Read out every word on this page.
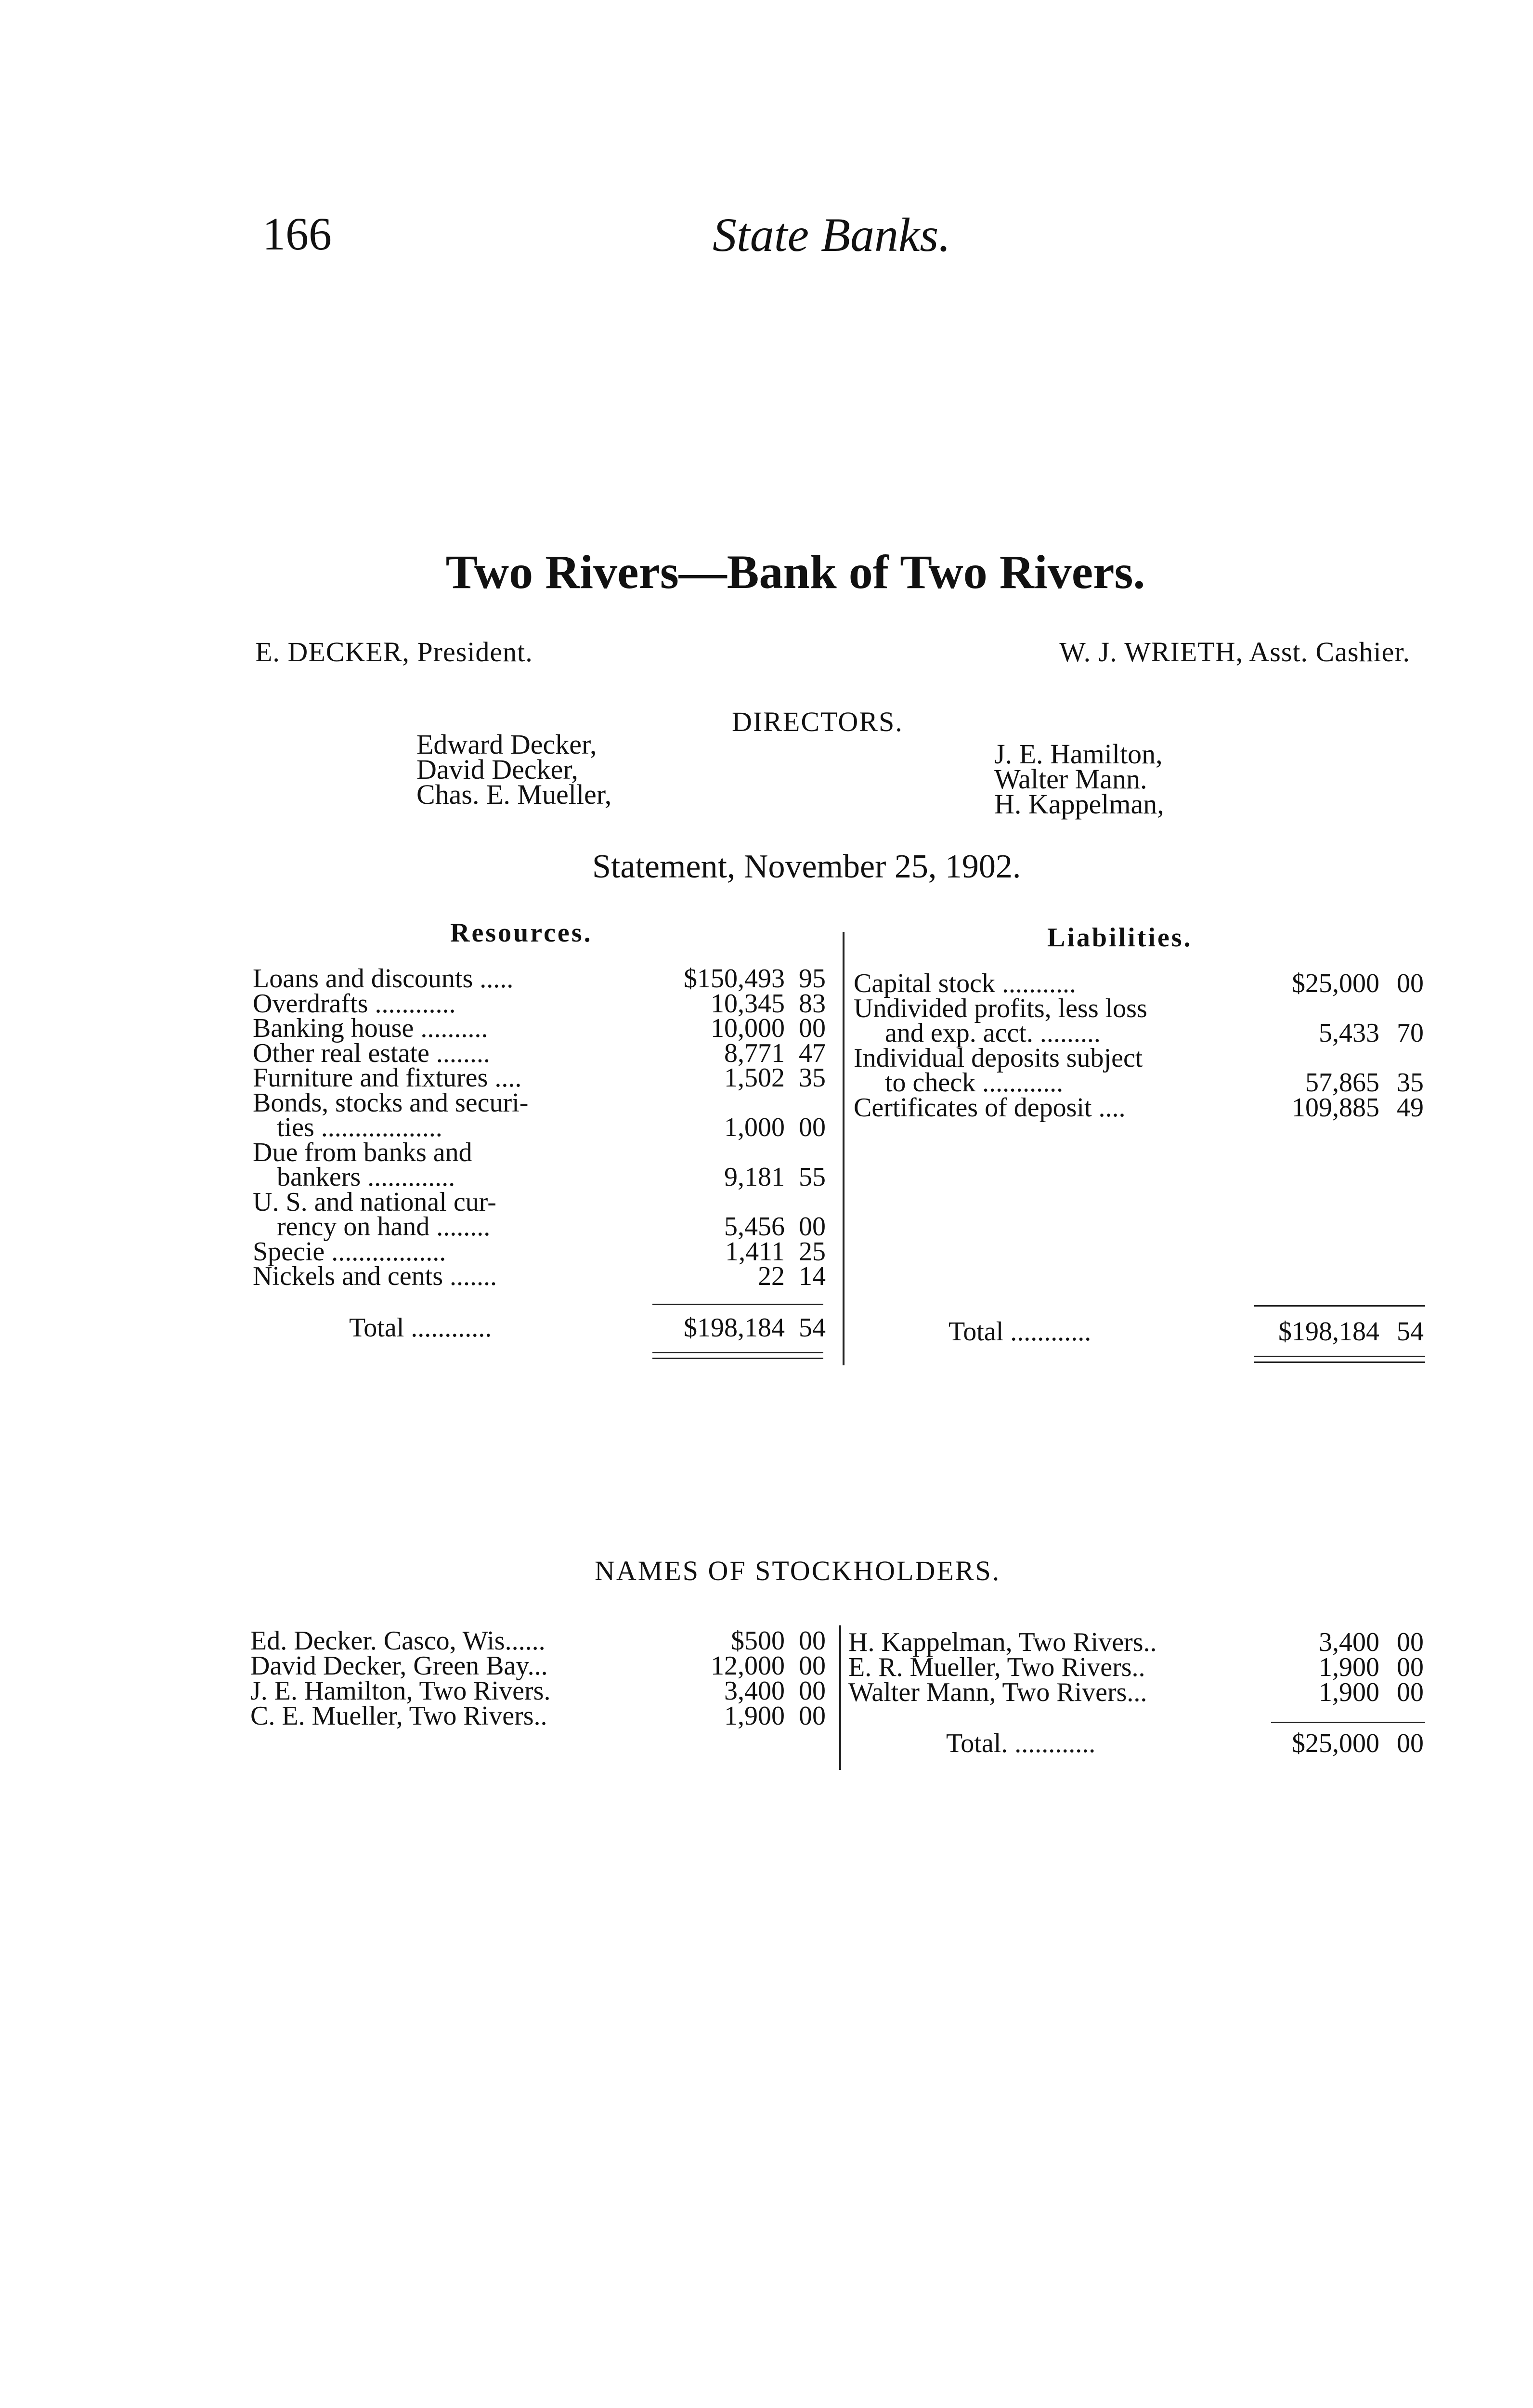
166	State Banks.
Two Rivers—Bank of Two Rivers.
E. DECKER, President.	W. J. WRIETH, Asst. Cashier.
DIRECTORS.
Edward Decker,
David Decker,
Chas. E. Mueller,
J. E. Hamilton,
Walter Mann.
H. Kappelman,
Statement, November 25, 1902.
Resources.	Liabilities.
Loans and discounts .....	$150,493 95
Overdrafts ............	10,345 83
Banking house ..........	10,000 00
Other real estate ........	8,771 47
Furniture and fixtures ....	1,502 35
Bonds, stocks and securi-
ties ..................	1,000 00
Due from banks and
bankers .............	9,181 55
U. S. and national cur-
rency on hand ........	5,456 00
Specie .................	1,411 25
Nickels and cents .......	22 14
Capital stock ...........	$25,000 00
Undivided profits, less loss
and exp. acct. .........	5,433 70
Individual deposits subject
to check ............	57,865 35
Certificates of deposit ....	109,885 49
Total ............	$198,184 54	Total ............	$198,184 54
NAMES OF STOCKHOLDERS.
Total. ............	$25,000 00
Ed. Decker. Casco, Wis......	$500 00
David Decker, Green Bay...	12,000 00
J. E. Hamilton, Two Rivers.	3,400 00
C. E. Mueller, Two Rivers..	1,900 00
H. Kappelman, Two Rivers..	3,400 00
E. R. Mueller, Two Rivers..	1,900 00
Walter Mann, Two Rivers...	1,900 00
